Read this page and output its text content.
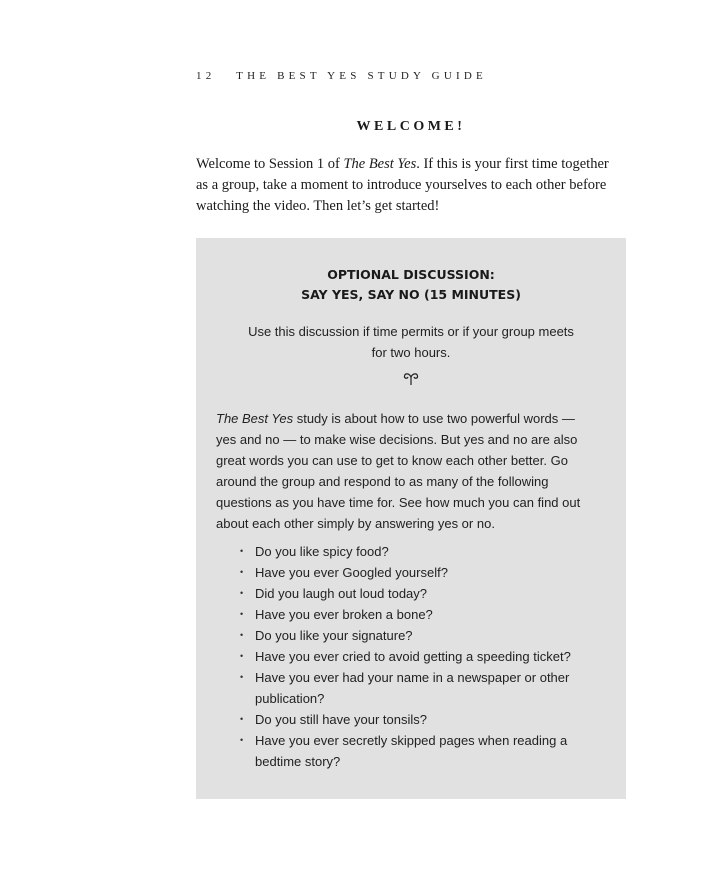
12 THE BEST YES STUDY GUIDE
WELCOME!
Welcome to Session 1 of The Best Yes. If this is your first time together
as a group, take a moment to introduce yourselves to each other before
watching the video. Then let’s get started!
OPTIONAL DISCUSSION:
SAY YES, SAY NO (15 MINUTES)
Use this discussion if time permits or if your group meets
for two hours.
The Best Yes study is about how to use two powerful words —
yes and no — to make wise decisions. But yes and no are also
great words you can use to get to know each other better. Go
around the group and respond to as many of the following
questions as you have time for. See how much you can find out
about each other simply by answering yes or no.
• Do you like spicy food?
• Have you ever Googled yourself?
• Did you laugh out loud today?
• Have you ever broken a bone?
• Do you like your signature?
• Have you ever cried to avoid getting a speeding ticket?
• Have you ever had your name in a newspaper or other
publication?
• Do you still have your tonsils?
• Have you ever secretly skipped pages when reading a
bedtime story?
